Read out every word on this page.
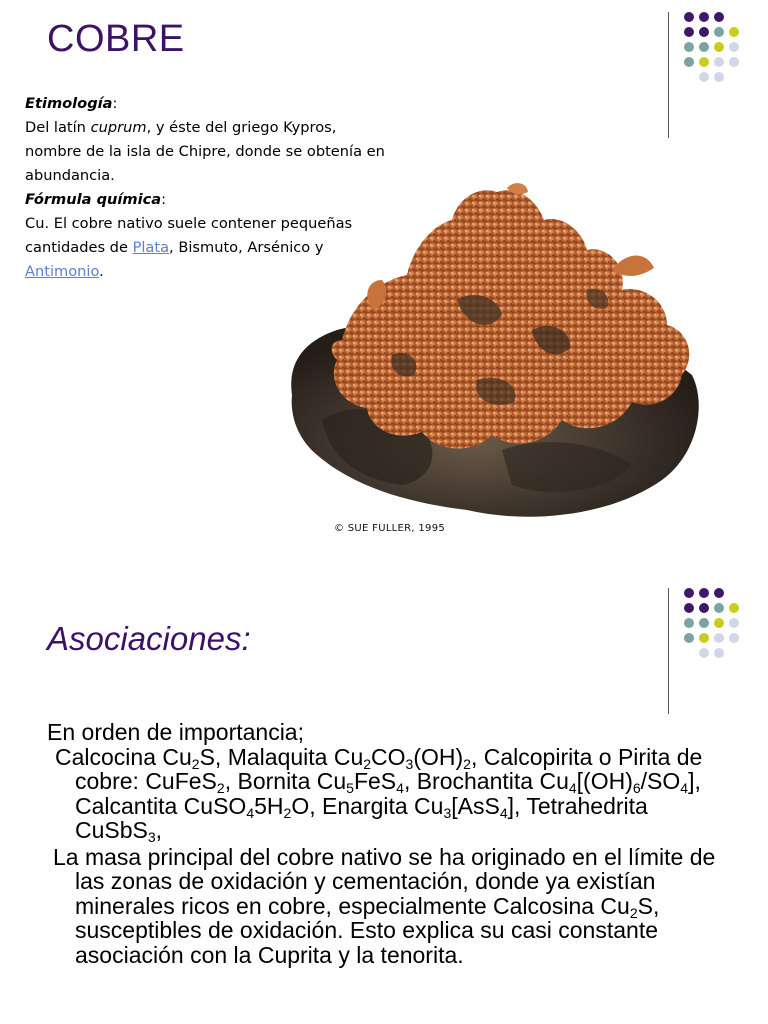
COBRE
Etimología:
Del latín cuprum, y éste del griego Kypros, nombre de la isla de Chipre, donde se obtenía en abundancia.
Fórmula química:
Cu. El cobre nativo suele contener pequeñas cantidades de Plata, Bismuto, Arsénico y Antimonio.
© SUE FULLER, 1995
Asociaciones:

En orden de importancia;

Calcocina $Cu_2S$, Malaquita $Cu_2CO_3(OH)_2$, Calcopirita o Pirita de cobre: CuFeS$_2$, Bornita $Cu_5FeS_4$, Brochantita $Cu_4[(OH)_6/SO_4]$, Calcantita $CuSO_45H_2O$, Enargita $Cu_3[AsS_4]$, Tetrahedrita CuSbS$_3$,

La masa principal del cobre nativo se ha originado en el límite de las zonas de oxidación y cementación, donde ya existían minerales ricos en cobre, especialmente Calcosina $Cu_2S$, susceptibles de oxidación. Esto explica su casi constante asociación con la Cuprita y la tenorita.
